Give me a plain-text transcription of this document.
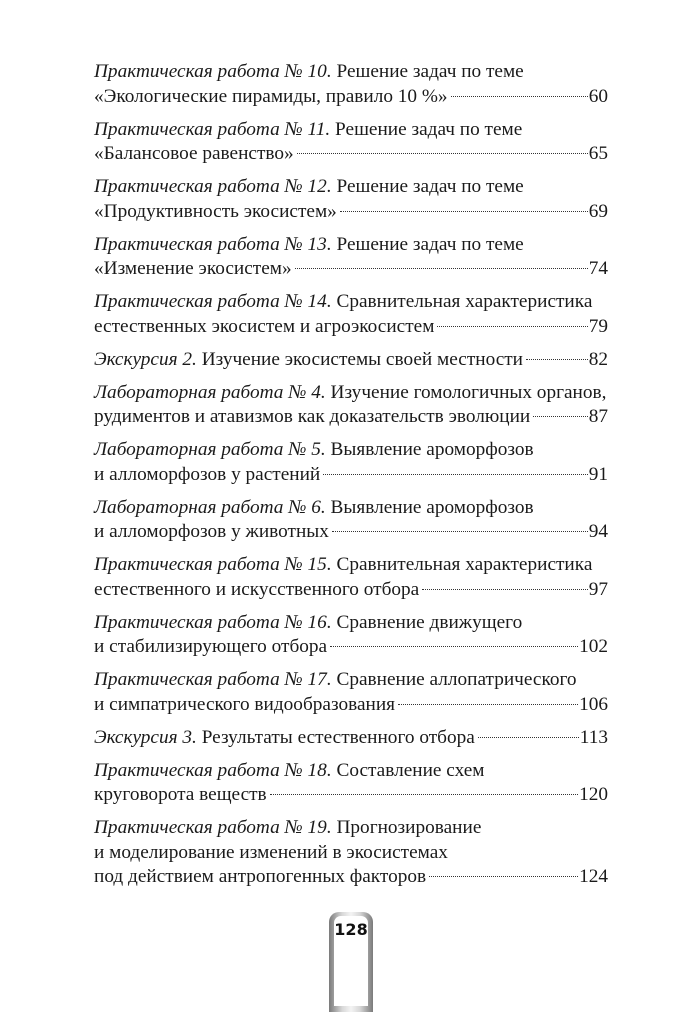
Практическая работа № 10.
Решение задач по теме
«Экологические пирамиды, правило 10 %»	60
Практическая работа № 11.
Решение задач по теме
«Балансовое равенство»	65
Практическая работа № 12.
Решение задач по теме
«Продуктивность экосистем»	69
Практическая работа № 13.
Решение задач по теме
«Изменение экосистем»	74
Практическая работа № 14.
Сравнительная характеристика
естественных экосистем и агроэкосистем	79
Экскурсия 2.
Изучение экосистемы своей местности	82
Лабораторная работа № 4.
Изучение гомологичных органов,
рудиментов и атавизмов как доказательств эволюции	87
Лабораторная работа № 5.
Выявление ароморфозов
и алломорфозов у растений	91
Лабораторная работа № 6.
Выявление ароморфозов
и алломорфозов у животных	94
Практическая работа № 15.
Сравнительная характеристика
естественного и искусственного отбора	97
Практическая работа № 16.
Сравнение движущего
и стабилизирующего отбора	102
Практическая работа № 17.
Сравнение аллопатрического
и симпатрического видообразования	106
Экскурсия 3.
Результаты естественного отбора	113
Практическая работа № 18.
Составление схем
круговорота веществ	120
Практическая работа № 19.
Прогнозирование
и моделирование изменений в экосистемах
под действием антропогенных факторов	124
128
